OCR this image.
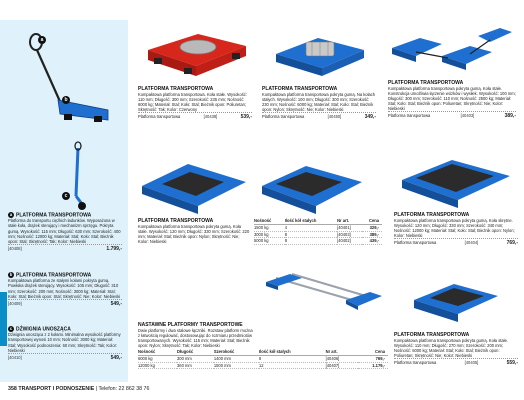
a
b
c
a PLATFORMA TRANSPORTOWA
Platforma do transportu ciężkich ładunków. Wyposażona w stałe koła, drążek sterujący i mechanizm sprzęgu. Pokryta gumą. Wysokość: 115 mm; Długość: 630 mm; Szerokość: 400 mm; Nośność: 12000 kg; Materiał: Stal; Koło: Stal; Bieżnik opon: Stal; Skrętność: Tak; Kolor: Niebieski
[40408]	1.799,-
b PLATFORMA TRANSPORTOWA
Kompaktowa platforma ze stałymi kołami pokryta gumą. Powłoka drążek sterujący. Wysokość: 105 mm; Długość: 310 mm; Szerokość: 200 mm; Nośność: 3000 kg; Materiał: Stal; Koło: Stal; Bieżnik opon: Stal; Skrętność: Nie; Kolor: Niebieski
[40409]	549,-
c DŹWIGNIA UNOSZĄCA
Dźwignia unosząca z 2 kołami. Minimalna wysokość platformy transportowej wynosi 10 mm; Nośność: 3000 kg; Materiał: Stal; Wysokość podnoszenia: 60 mm; Skrętność: Tak; Kolor: Niebieski
[40410]	549,-
PLATFORMA TRANSPORTOWA
Kompaktowa platforma transportowa. Koła stałe. Wysokość: 110 mm; Długość: 300 mm; Szerokość: 235 mm; Nośność: 6000 kg; Materiał: Stal; Koło: Stal; Bieżnik opon: Poliuretan; Skrętność: Tak; Kolor: Czerwony
Platforma transportowa	[40438]	539,-
PLATFORMA TRANSPORTOWA
Kompaktowa platforma transportowa pokryta gumą. Na kołach stałych. Wysokość: 100 mm; Długość: 300 mm; Szerokość: 230 mm; Nośność: 6000 kg; Materiał: Stal; Koło: Stal; Bieżnik opon: Nylon; Skrętność: Nie; Kolor: Niebieski
Platforma transportowa	[40450]	349,-
PLATFORMA TRANSPORTOWA
Kompaktowa platforma transportowa pokryta gumą. Koła stałe. Konstrukcja umożliwia łączenie wózków i wysiłek. Wysokość: 100 mm; Długość: 300 mm; Szerokość: 110 mm; Nośność: 2500 kg; Materiał: Stal; Koło: Stal; Bieżnik opon: Poliuretan; Skrętność: Nie; Kolor: Niebieski
Platforma transportowa	[40403]	389,-
PLATFORMA TRANSPORTOWA
Kompaktowa platforma transportowa pokryta gumą. Koła stałe. Wysokość: 120 mm; Długość: 330 mm; Szerokość: 220 mm; Materiał: Stal; Bieżnik opon: Nylon; Skrętność: Nie; Kolor: Niebieski
Nośność	Ilość kół stałych	Nr art.	Cena
1500 kg	4	[40401]	329,-
3000 kg	8	[40403]	389,-
5000 kg	8	[40402]	439,-
PLATFORMA TRANSPORTOWA
Kompaktowa platforma transportowa pokryta gumą. Koła skrętne. Wysokość: 120 mm; Długość: 330 mm; Szerokość: 340 mm; Nośność: 12000 kg; Materiał: Stal; Koło: Stal; Bieżnik opon: Nylon; Kolor: Niebieski
Platforma transportowa	[40404]	769,-
NASTAWNE PLATFORMY TRANSPORTOWE
Dwie platformy i dwa stalowe łączniki. Rozstaw platform można z łatwością regulować, dostosowując do rozmiaru przedmiotów transportowanych. Wysokość: 115 mm; Materiał: Stal; Bieżnik opon: Nylon; Skrętność: Tak; Kolor: Niebieski
Nośność	Długość	Szerokość	Ilość kół stałych	Nr art.	Cena
6000 kg	300 mm	1400 mm	8	[40406]	769,-
12000 kg	360 mm	1500 mm	12	[40407]	1.179,-
PLATFORMA TRANSPORTOWA
Kompaktowa platforma transportowa pokryta gumą. Koła stałe. Wysokość: 110 mm; Długość: 270 mm; Szerokość: 200 mm; Nośność: 6000 kg; Materiał: Stal; Koło: Stal; Bieżnik opon: Poliuretan; Skrętność: Nie; Kolor: Niebieski
Platforma transportowa	[40405]	559,-
358 TRANSPORT I PODNOSZENIE | Telefon: 22 862 38 76
